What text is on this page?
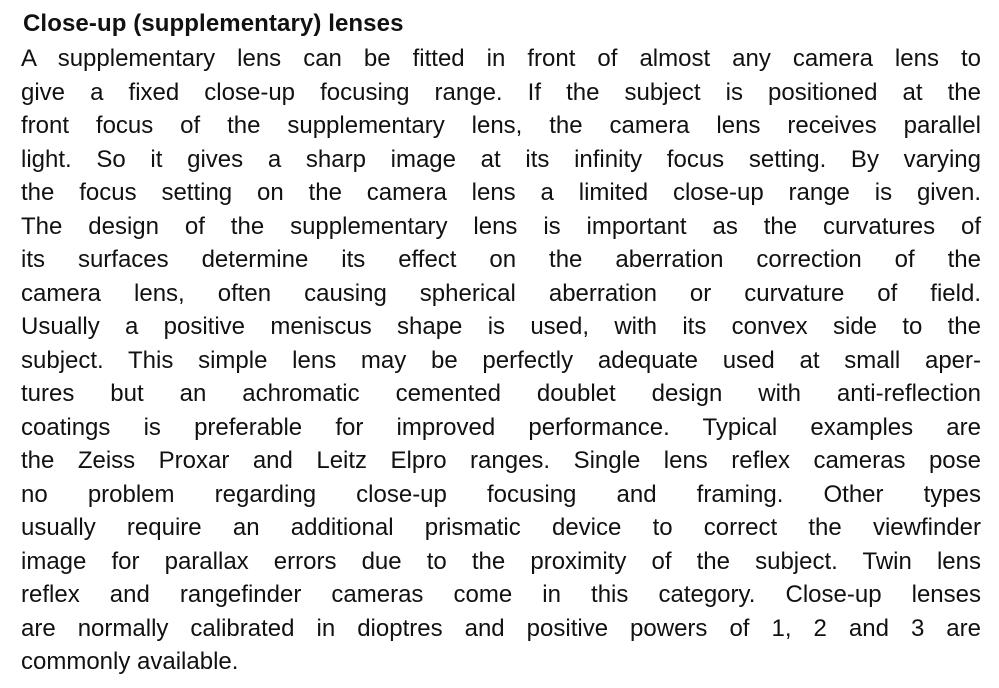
Close-up (supplementary) lenses
A supplementary lens can be fitted in front of almost any camera lens to
give a fixed close-up focusing range. If the subject is positioned at the
front focus of the supplementary lens, the camera lens receives parallel
light. So it gives a sharp image at its infinity focus setting. By varying
the focus setting on the camera lens a limited close-up range is given.
The design of the supplementary lens is important as the curvatures of
its surfaces determine its effect on the aberration correction of the
camera lens, often causing spherical aberration or curvature of field.
Usually a positive meniscus shape is used, with its convex side to the
subject. This simple lens may be perfectly adequate used at small aper-
tures but an achromatic cemented doublet design with anti-reflection
coatings is preferable for improved performance. Typical examples are
the Zeiss Proxar and Leitz Elpro ranges. Single lens reflex cameras pose
no problem regarding close-up focusing and framing. Other types
usually require an additional prismatic device to correct the viewfinder
image for parallax errors due to the proximity of the subject. Twin lens
reflex and rangefinder cameras come in this category. Close-up lenses
are normally calibrated in dioptres and positive powers of 1, 2 and 3 are
commonly available.
